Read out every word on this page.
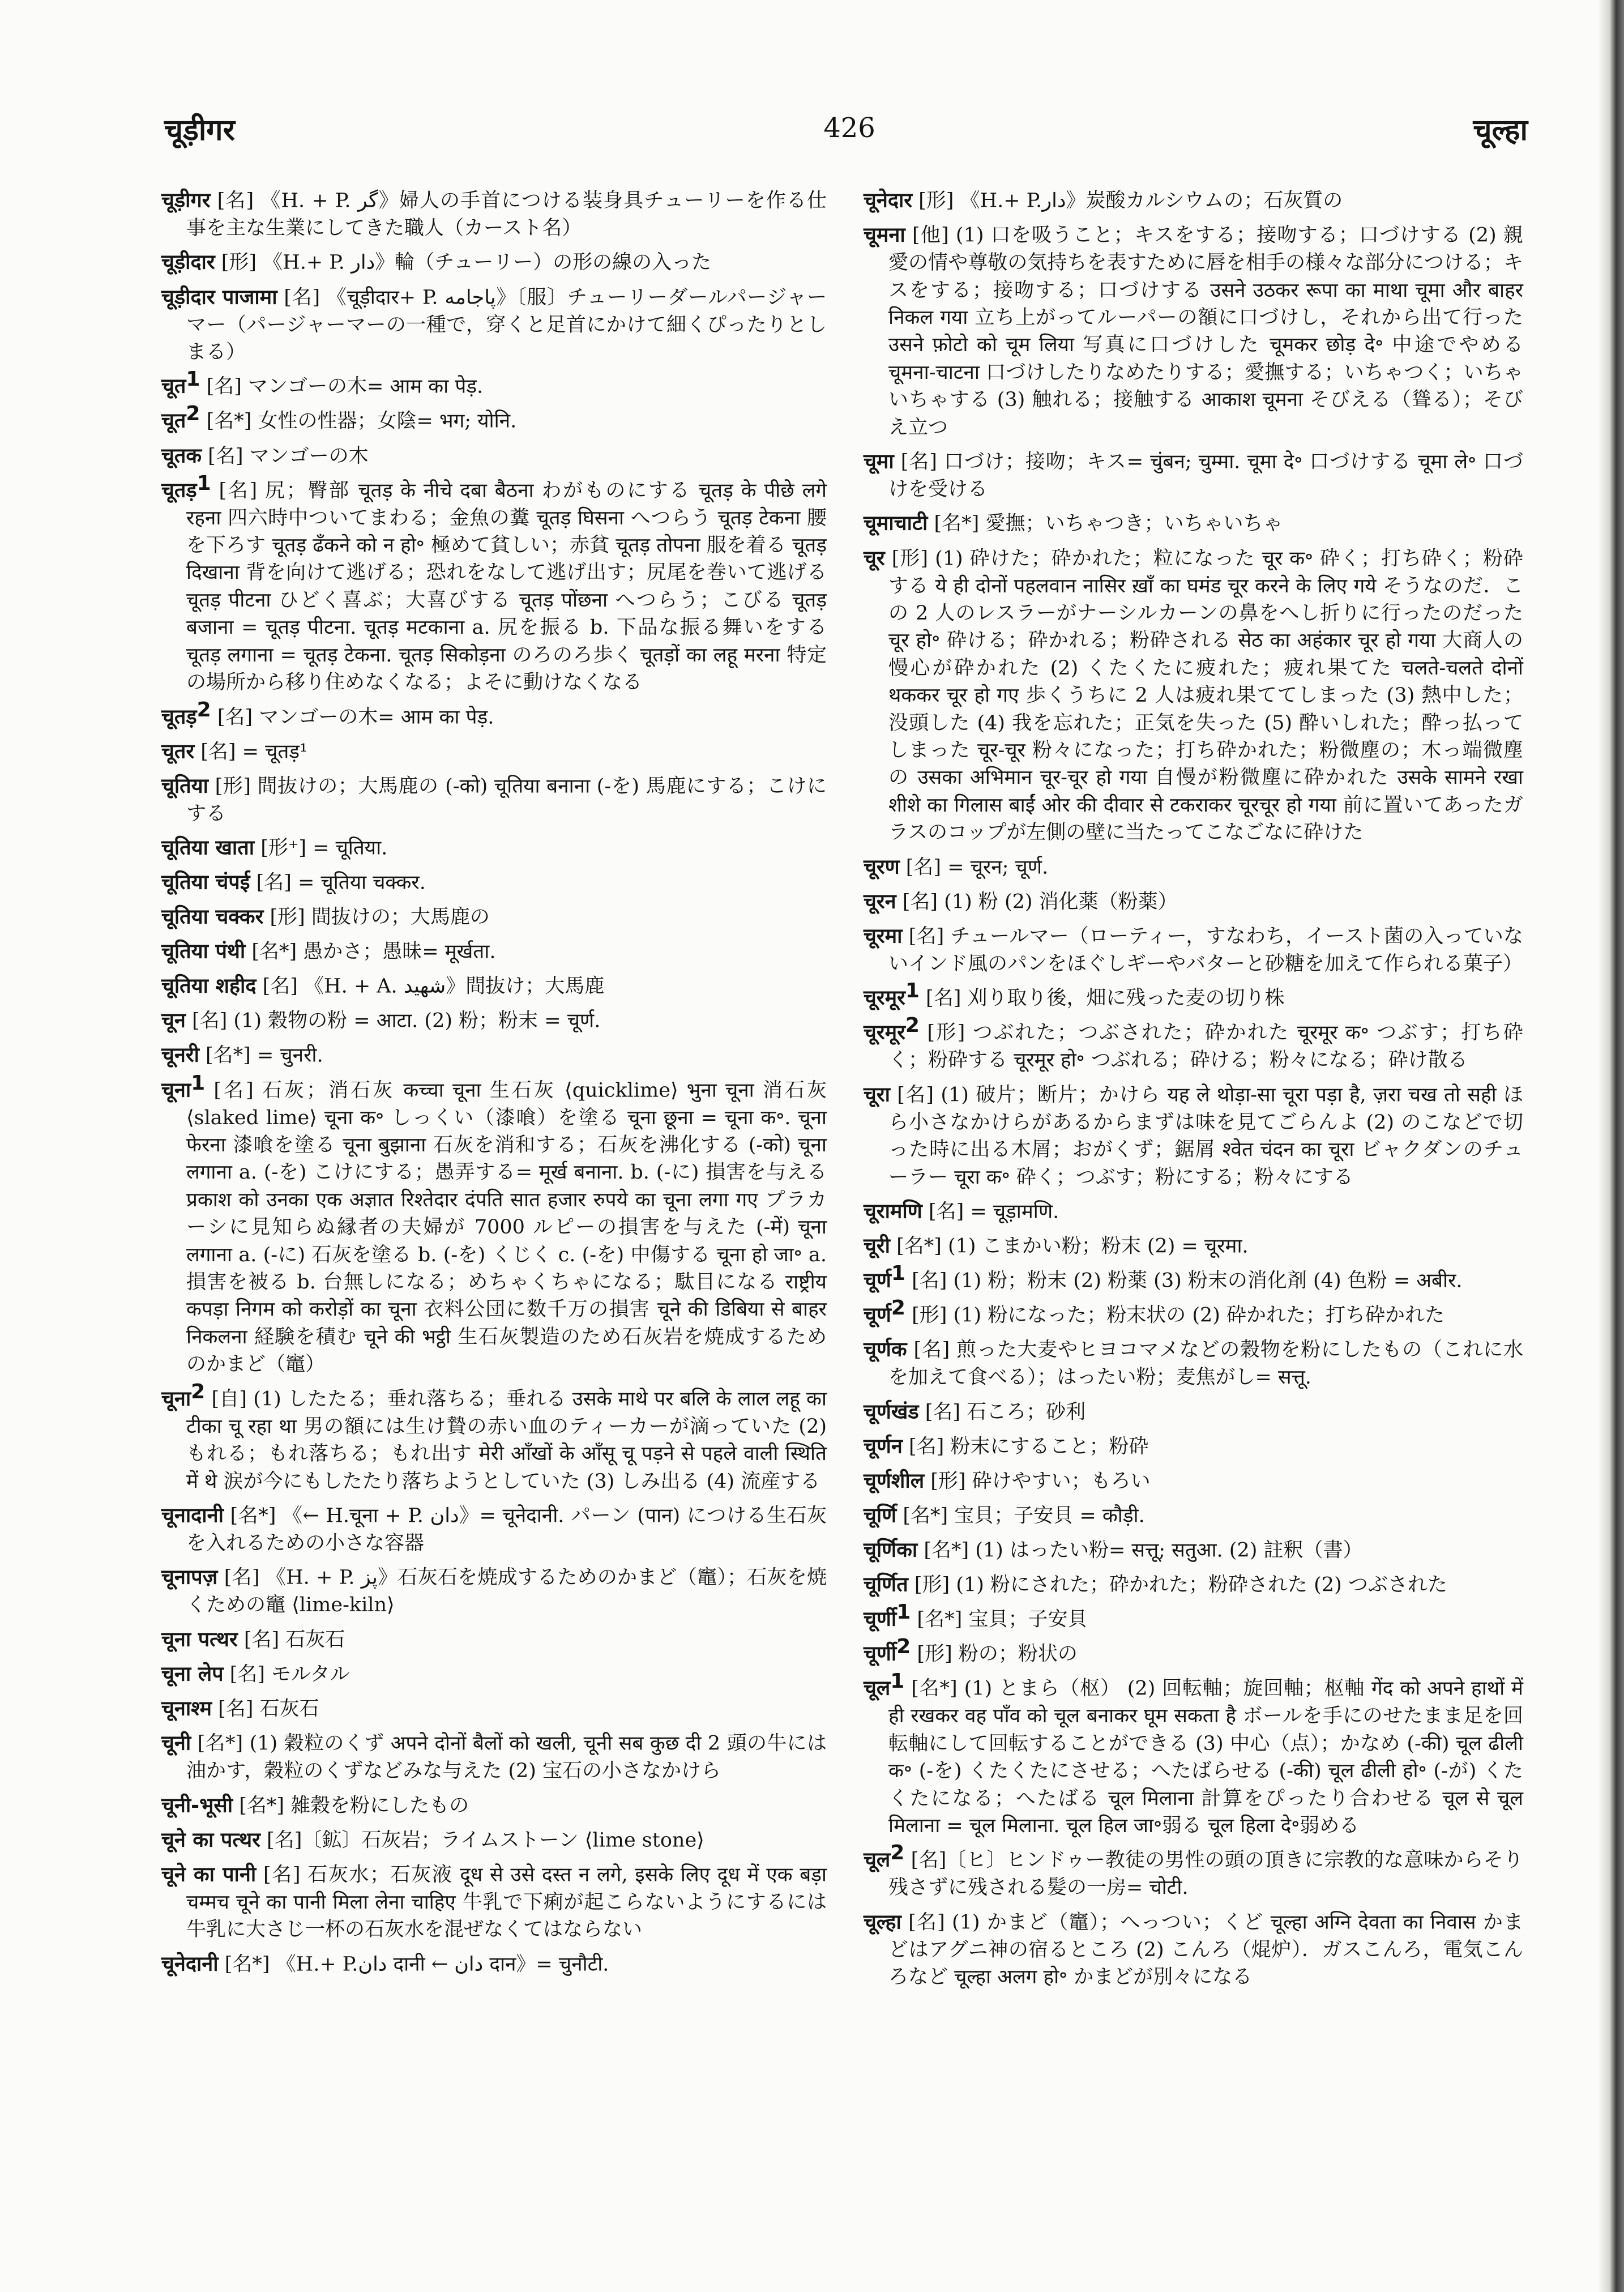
चूड़ीगर	426	चूल्हा

चूड़ीगर [名] 《H. + P. گر》婦人の手首につける装身具チューリーを作る仕事を主な生業にしてきた職人（カースト名）

चूड़ीदार [形] 《H.+ P. دار》輪（チューリー）の形の線の入った

चूड़ीदार पाजामा [名] 《चूड़ीदार+ P. پاجامه》〔服〕チューリーダールパージャーマー（パージャーマーの一種で，穿くと足首にかけて細くぴったりとしまる）

चूत$^1$ [名] マンゴーの木= आम का पेड़.

चूत$^2$ [名*] 女性の性器；女陰= भग; योनि.

चूतक [名] マンゴーの木

चूतड़$^1$ [名] 尻；臀部 चूतड़ के नीचे दबा बैठना わがものにする चूतड़ के पीछे लगे रहना 四六時中ついてまわる；金魚の糞 चूतड़ घिसना へつらう चूतड़ टेकना 腰を下ろす चूतड़ ढँकने को न हो॰ 極めて貧しい；赤貧 चूतड़ तोपना 服を着る चूतड़ दिखाना 背を向けて逃げる；恐れをなして逃げ出す；尻尾を巻いて逃げる चूतड़ पीटना ひどく喜ぶ；大喜びする चूतड़ पोंछना へつらう；こびる चूतड़ बजाना = चूतड़ पीटना. चूतड़ मटकाना a. 尻を振る b. 下品な振る舞いをする चूतड़ लगाना = चूतड़ टेकना. चूतड़ सिकोड़ना のろのろ歩く चूतड़ों का लहू मरना 特定の場所から移り住めなくなる；よそに動けなくなる

चूतड़$^2$ [名] マンゴーの木= आम का पेड़.

चूतर [名] = चूतड़¹

चूतिया [形] 間抜けの；大馬鹿の (-को) चूतिया बनाना (-を) 馬鹿にする；こけにする

चूतिया खाता [形⁺] = चूतिया.

चूतिया चंपई [名] = चूतिया चक्कर.

चूतिया चक्कर [形] 間抜けの；大馬鹿の

चूतिया पंथी [名*] 愚かさ；愚昧= मूर्खता.

चूतिया शहीद [名] 《H. + A. شهيد》間抜け；大馬鹿

चून [名] (1) 穀物の粉 = आटा. (2) 粉；粉末 = चूर्ण.

चूनरी [名*] = चुनरी.

चूना$^1$ [名] 石灰；消石灰 कच्चा चूना 生石灰 ⟨quicklime⟩ भुना चूना 消石灰 ⟨slaked lime⟩ चूना क॰ しっくい（漆喰）を塗る चूना छूना = चूना क॰. चूना फेरना 漆喰を塗る चूना बुझाना 石灰を消和する；石灰を沸化する (-को) चूना लगाना a. (-を) こけにする；愚弄する= मूर्ख बनाना. b. (-に) 損害を与える प्रकाश को उनका एक अज्ञात रिश्तेदार दंपति सात हजार रुपये का चूना लगा गए プラカーシに見知らぬ縁者の夫婦が 7000 ルピーの損害を与えた (-में) चूना लगाना a. (-に) 石灰を塗る b. (-を) くじく c. (-を) 中傷する चूना हो जा॰ a. 損害を被る b. 台無しになる；めちゃくちゃになる；駄目になる राष्ट्रीय कपड़ा निगम को करोड़ों का चूना 衣料公団に数千万の損害 चूने की डिबिया से बाहर निकलना 経験を積む चूने की भट्ठी 生石灰製造のため石灰岩を焼成するためのかまど（竈）

चूना$^2$ [自] (1) したたる；垂れ落ちる；垂れる उसके माथे पर बलि के लाल लहू का टीका चू रहा था 男の額には生け贄の赤い血のティーカーが滴っていた (2) もれる；もれ落ちる；もれ出す मेरी आँखों के आँसू चू पड़ने से पहले वाली स्थिति में थे 涙が今にもしたたり落ちようとしていた (3) しみ出る (4) 流産する

चूनादानी [名*] 《← H.चूना + P. دان》= चूनेदानी. パーン (पान) につける生石灰を入れるための小さな容器

चूनापज़ [名] 《H. + P. پز》石灰石を焼成するためのかまど（竈）；石灰を焼くための竈 ⟨lime-kiln⟩

चूना पत्थर [名] 石灰石

चूना लेप [名] モルタル

चूनाश्म [名] 石灰石

चूनी [名*] (1) 穀粒のくず अपने दोनों बैलों को खली, चूनी सब कुछ दी 2 頭の牛には油かす，穀粒のくずなどみな与えた (2) 宝石の小さなかけら

चूनी-भूसी [名*] 雑穀を粉にしたもの

चूने का पत्थर [名]〔鉱〕石灰岩；ライムストーン ⟨lime stone⟩

चूने का पानी [名] 石灰水；石灰液 दूध से उसे दस्त न लगे, इसके लिए दूध में एक बड़ा चम्मच चूने का पानी मिला लेना चाहिए 牛乳で下痢が起こらないようにするには牛乳に大さじ一杯の石灰水を混ぜなくてはならない

चूनेदानी [名*] 《H.+ P.دان दानी ← دان दान》= चुनौटी.

चूनेदार [形] 《H.+ P.دار》炭酸カルシウムの；石灰質の

चूमना [他] (1) 口を吸うこと；キスをする；接吻する；口づけする (2) 親愛の情や尊敬の気持ちを表すために唇を相手の様々な部分につける；キスをする；接吻する；口づけする उसने उठकर रूपा का माथा चूमा और बाहर निकल गया 立ち上がってルーパーの額に口づけし，それから出て行った उसने फ़ोटो को चूम लिया 写真に口づけした चूमकर छोड़ दे॰ 中途でやめる चूमना-चाटना 口づけしたりなめたりする；愛撫する；いちゃつく；いちゃいちゃする (3) 触れる；接触する आकाश चूमना そびえる（聳る）；そびえ立つ

चूमा [名] 口づけ；接吻；キス= चुंबन; चुम्मा. चूमा दे॰ 口づけする चूमा ले॰ 口づけを受ける

चूमाचाटी [名*] 愛撫；いちゃつき；いちゃいちゃ

चूर [形] (1) 砕けた；砕かれた；粒になった चूर क॰ 砕く；打ち砕く；粉砕する ये ही दोनों पहलवान नासिर ख़ाँ का घमंड चूर करने के लिए गये そうなのだ．この 2 人のレスラーがナーシルカーンの鼻をへし折りに行ったのだった चूर हो॰ 砕ける；砕かれる；粉砕される सेठ का अहंकार चूर हो गया 大商人の慢心が砕かれた (2) くたくたに疲れた；疲れ果てた चलते-चलते दोनों थककर चूर हो गए 歩くうちに 2 人は疲れ果ててしまった (3) 熱中した；没頭した (4) 我を忘れた；正気を失った (5) 酔いしれた；酔っ払ってしまった चूर-चूर 粉々になった；打ち砕かれた；粉微塵の；木っ端微塵の उसका अभिमान चूर-चूर हो गया 自慢が粉微塵に砕かれた उसके सामने रखा शीशे का गिलास बाईं ओर की दीवार से टकराकर चूरचूर हो गया 前に置いてあったガラスのコップが左側の壁に当たってこなごなに砕けた

चूरण [名] = चूरन; चूर्ण.

चूरन [名] (1) 粉 (2) 消化薬（粉薬）

चूरमा [名] チュールマー（ローティー，すなわち，イースト菌の入っていないインド風のパンをほぐしギーやバターと砂糖を加えて作られる菓子）

चूरमूर$^1$ [名] 刈り取り後，畑に残った麦の切り株

चूरमूर$^2$ [形] つぶれた；つぶされた；砕かれた चूरमूर क॰ つぶす；打ち砕く；粉砕する चूरमूर हो॰ つぶれる；砕ける；粉々になる；砕け散る

चूरा [名] (1) 破片；断片；かけら यह ले थोड़ा-सा चूरा पड़ा है, ज़रा चख तो सही ほら小さなかけらがあるからまずは味を見てごらんよ (2) のこなどで切った時に出る木屑；おがくず；鋸屑 श्वेत चंदन का चूरा ビャクダンのチューラー चूरा क॰ 砕く；つぶす；粉にする；粉々にする

चूरामणि [名] = चूड़ामणि.

चूरी [名*] (1) こまかい粉；粉末 (2) = चूरमा.

चूर्ण$^1$ [名] (1) 粉；粉末 (2) 粉薬 (3) 粉末の消化剤 (4) 色粉 = अबीर.

चूर्ण$^2$ [形] (1) 粉になった；粉末状の (2) 砕かれた；打ち砕かれた

चूर्णक [名] 煎った大麦やヒヨコマメなどの穀物を粉にしたもの（これに水を加えて食べる）；はったい粉；麦焦がし= सत्तू.

चूर्णखंड [名] 石ころ；砂利

चूर्णन [名] 粉末にすること；粉砕

चूर्णशील [形] 砕けやすい；もろい

चूर्णि [名*] 宝貝；子安貝 = कौड़ी.

चूर्णिका [名*] (1) はったい粉= सत्तू; सतुआ. (2) 註釈（書）

चूर्णित [形] (1) 粉にされた；砕かれた；粉砕された (2) つぶされた

चूर्णी$^1$ [名*] 宝貝；子安貝

चूर्णी$^2$ [形] 粉の；粉状の

चूल$^1$ [名*] (1) とまら（枢） (2) 回転軸；旋回軸；枢軸 गेंद को अपने हाथों में ही रखकर वह पाँव को चूल बनाकर घूम सकता है ボールを手にのせたまま足を回転軸にして回転することができる (3) 中心（点）；かなめ (-की) चूल ढीली क॰ (-を) くたくたにさせる；へたばらせる (-की) चूल ढीली हो॰ (-が) くたくたになる；へたばる चूल मिलाना 計算をぴったり合わせる चूल से चूल मिलाना = चूल मिलाना. चूल हिल जा॰弱る चूल हिला दे॰弱める

चूल$^2$ [名]〔ヒ〕ヒンドゥー教徒の男性の頭の頂きに宗教的な意味からそり残さずに残される髪の一房= चोटी.

चूल्हा [名] (1) かまど（竈）；へっつい；くど चूल्हा अग्नि देवता का निवास かまどはアグニ神の宿るところ (2) こんろ（焜炉）．ガスこんろ，電気こんろなど चूल्हा अलग हो॰ かまどが別々になる
